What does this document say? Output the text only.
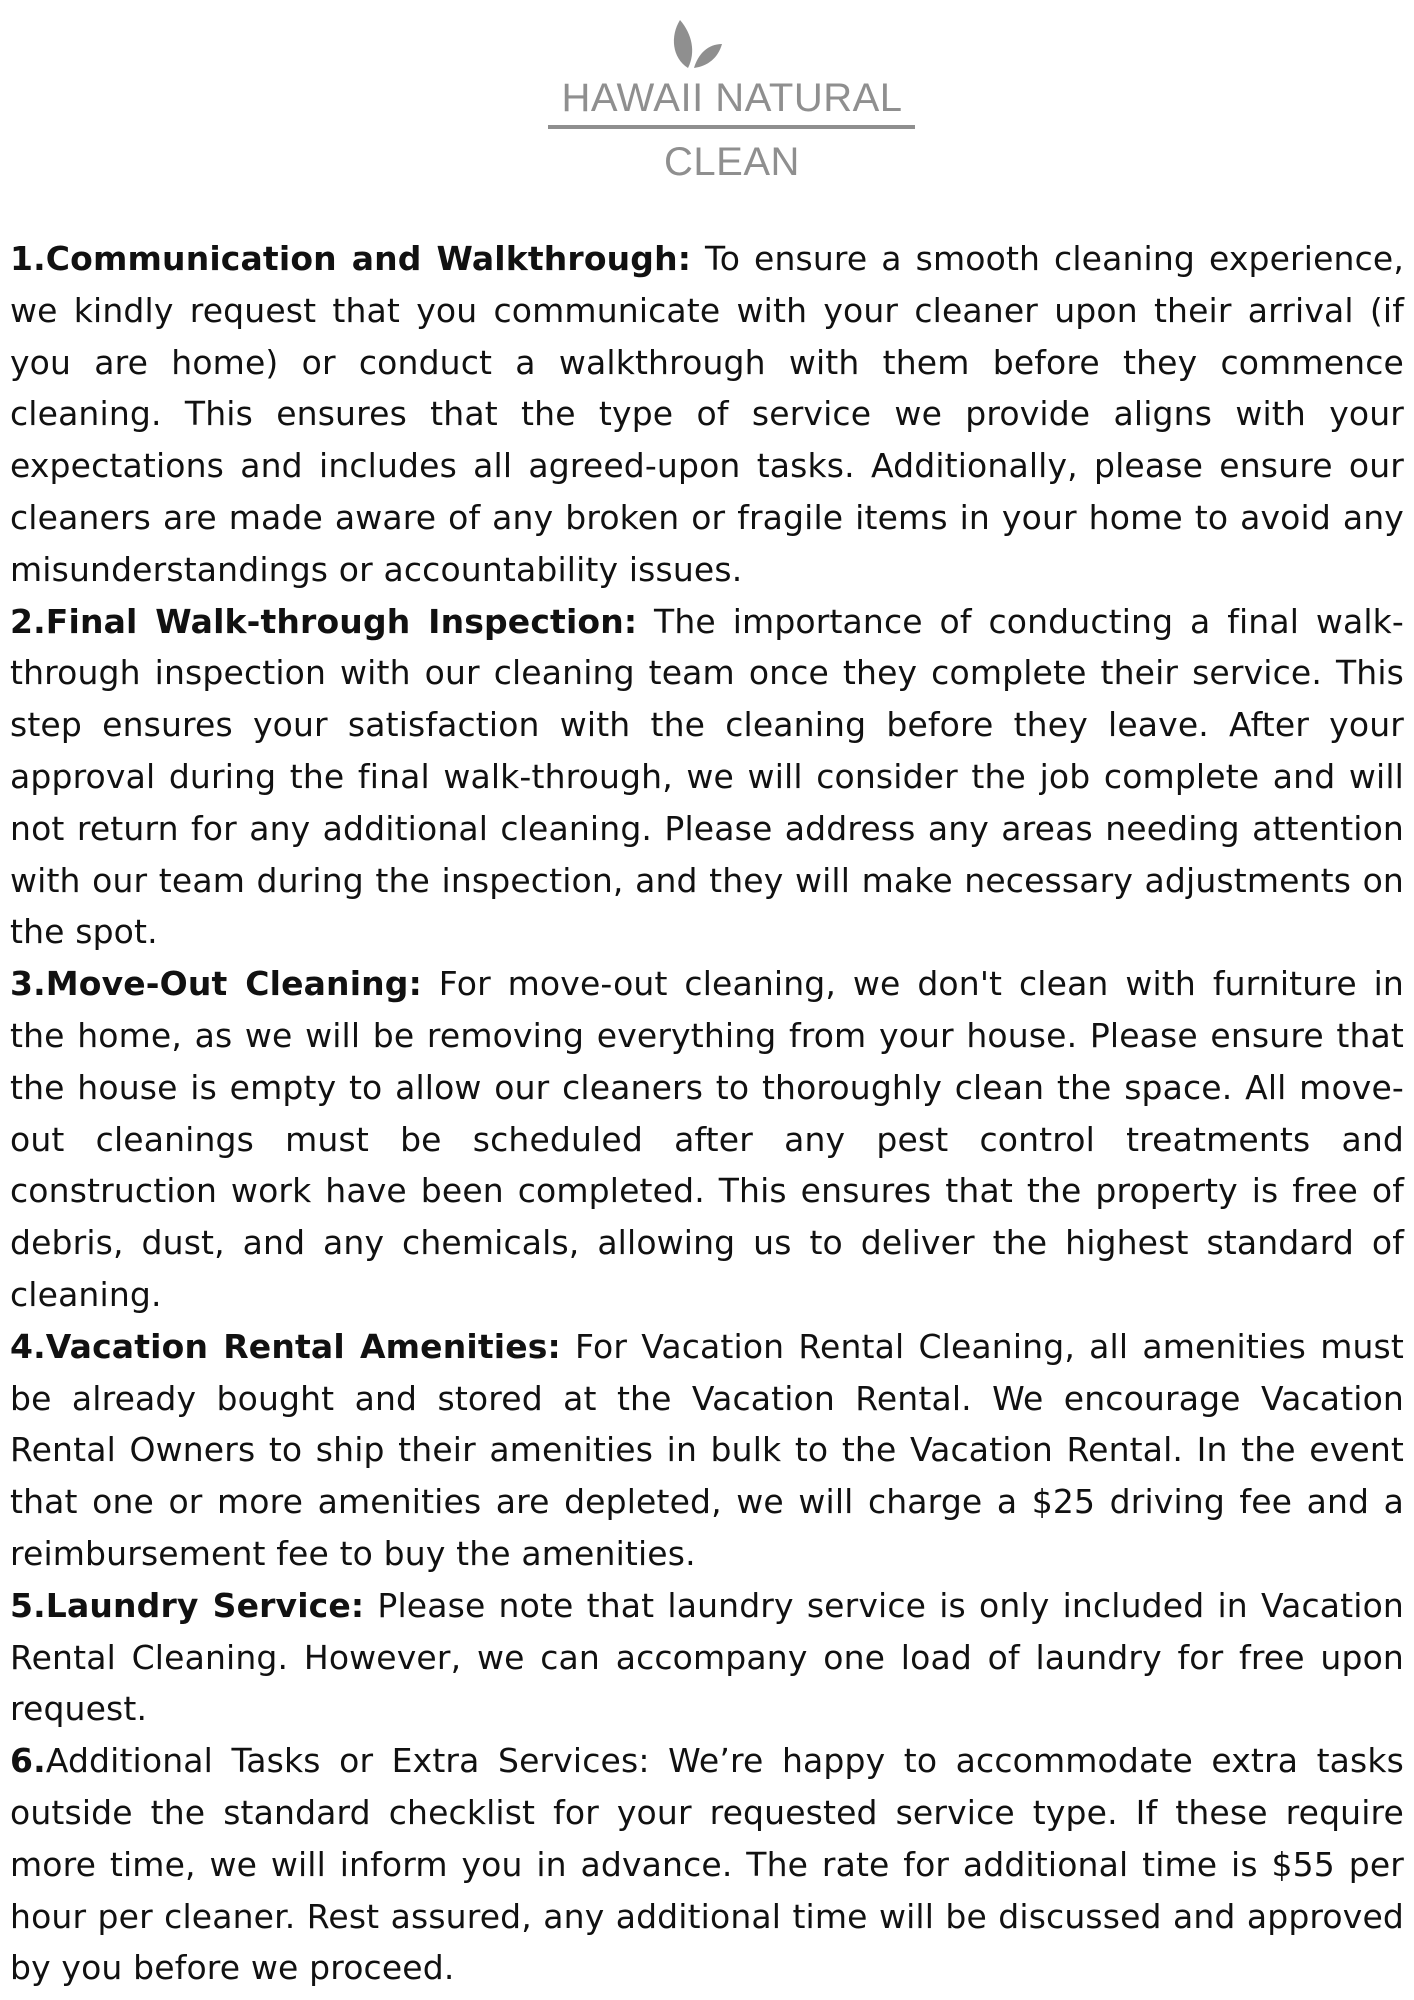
HAWAII NATURAL
CLEAN

1.Communication and Walkthrough: To ensure a smooth cleaning experience, we kindly request that you communicate with your cleaner upon their arrival (if you are home) or conduct a walkthrough with them before they commence cleaning. This ensures that the type of service we provide aligns with your expectations and includes all agreed-upon tasks. Additionally, please ensure our cleaners are made aware of any broken or fragile items in your home to avoid any misunderstandings or accountability issues.

2.Final Walk-through Inspection: The importance of conducting a final walk-through inspection with our cleaning team once they complete their service. This step ensures your satisfaction with the cleaning before they leave. After your approval during the final walk-through, we will consider the job complete and will not return for any additional cleaning. Please address any areas needing attention with our team during the inspection, and they will make necessary adjustments on the spot.

3.Move-Out Cleaning: For move-out cleaning, we don't clean with furniture in the home, as we will be removing everything from your house. Please ensure that the house is empty to allow our cleaners to thoroughly clean the space. All move-out cleanings must be scheduled after any pest control treatments and construction work have been completed. This ensures that the property is free of debris, dust, and any chemicals, allowing us to deliver the highest standard of cleaning.

4.Vacation Rental Amenities: For Vacation Rental Cleaning, all amenities must be already bought and stored at the Vacation Rental. We encourage Vacation Rental Owners to ship their amenities in bulk to the Vacation Rental. In the event that one or more amenities are depleted, we will charge a $25 driving fee and a reimbursement fee to buy the amenities.

5.Laundry Service: Please note that laundry service is only included in Vacation Rental Cleaning. However, we can accompany one load of laundry for free upon request.

6.Additional Tasks or Extra Services: We’re happy to accommodate extra tasks outside the standard checklist for your requested service type. If these require more time, we will inform you in advance. The rate for additional time is $55 per hour per cleaner. Rest assured, any additional time will be discussed and approved by you before we proceed.
